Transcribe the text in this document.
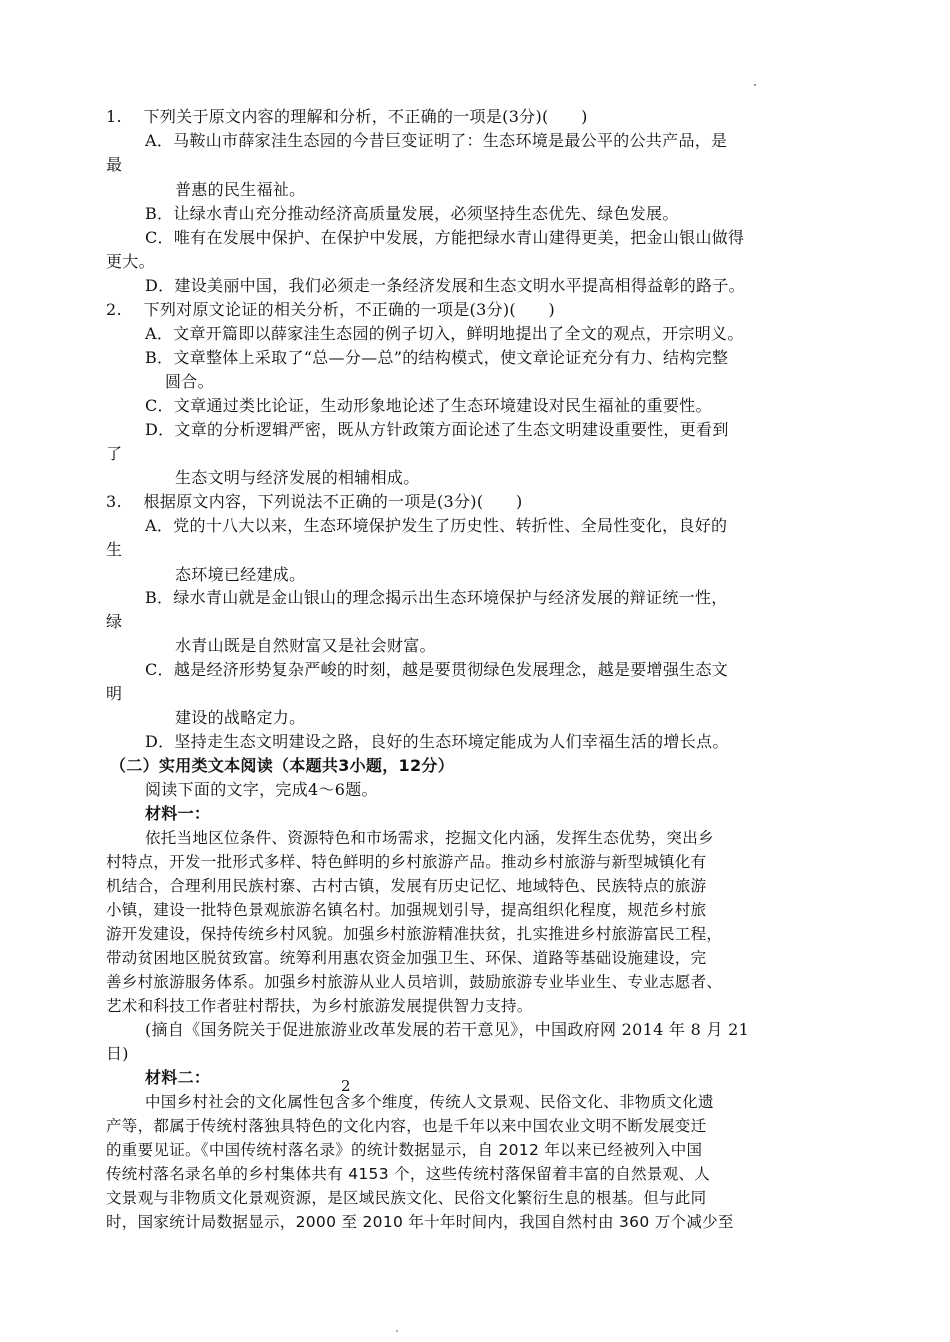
1.　 下列关于原文内容的理解和分析，不正确的一项是(3分)(　　)
A．马鞍山市薛家洼生态园的今昔巨变证明了：生态环境是最公平的公共产品，是
最
普惠的民生福祉。
B．让绿水青山充分推动经济高质量发展，必须坚持生态优先、绿色发展。
C．唯有在发展中保护、在保护中发展，方能把绿水青山建得更美，把金山银山做得
更大。
D．建设美丽中国，我们必须走一条经济发展和生态文明水平提高相得益彰的路子。
2.　 下列对原文论证的相关分析，不正确的一项是(3分)(　　)
A．文章开篇即以薛家洼生态园的例子切入，鲜明地提出了全文的观点，开宗明义。
B．文章整体上采取了“总—分—总”的结构模式，使文章论证充分有力、结构完整
圆合。
C．文章通过类比论证，生动形象地论述了生态环境建设对民生福祉的重要性。
D．文章的分析逻辑严密，既从方针政策方面论述了生态文明建设重要性，更看到
了
生态文明与经济发展的相辅相成。
3.　 根据原文内容，下列说法不正确的一项是(3分)(　　)
A．党的十八大以来，生态环境保护发生了历史性、转折性、全局性变化，良好的
生
态环境已经建成。
B．绿水青山就是金山银山的理念揭示出生态环境保护与经济发展的辩证统一性，
绿
水青山既是自然财富又是社会财富。
C．越是经济形势复杂严峻的时刻，越是要贯彻绿色发展理念，越是要增强生态文
明
建设的战略定力。
D．坚持走生态文明建设之路，良好的生态环境定能成为人们幸福生活的增长点。
（二）实用类文本阅读（本题共3小题，12分）
阅读下面的文字，完成4～6题。
材料一：
依托当地区位条件、资源特色和市场需求，挖掘文化内涵，发挥生态优势，突出乡
村特点，开发一批形式多样、特色鲜明的乡村旅游产品。推动乡村旅游与新型城镇化有
机结合，合理利用民族村寨、古村古镇，发展有历史记忆、地域特色、民族特点的旅游
小镇，建设一批特色景观旅游名镇名村。加强规划引导，提高组织化程度，规范乡村旅
游开发建设，保持传统乡村风貌。加强乡村旅游精准扶贫，扎实推进乡村旅游富民工程，
带动贫困地区脱贫致富。统筹利用惠农资金加强卫生、环保、道路等基础设施建设，完
善乡村旅游服务体系。加强乡村旅游从业人员培训，鼓励旅游专业毕业生、专业志愿者、
艺术和科技工作者驻村帮扶，为乡村旅游发展提供智力支持。
(摘自《国务院关于促进旅游业改革发展的若干意见》，中国政府网 2014 年 8 月 21
日)
材料二：	2
中国乡村社会的文化属性包含多个维度，传统人文景观、民俗文化、非物质文化遗
产等，都属于传统村落独具特色的文化内容，也是千年以来中国农业文明不断发展变迁
的重要见证。《中国传统村落名录》的统计数据显示，自 2012 年以来已经被列入中国
传统村落名录名单的乡村集体共有 4153 个，这些传统村落保留着丰富的自然景观、人
文景观与非物质文化景观资源，是区域民族文化、民俗文化繁衍生息的根基。但与此同
时，国家统计局数据显示，2000 至 2010 年十年时间内，我国自然村由 360 万个减少至
